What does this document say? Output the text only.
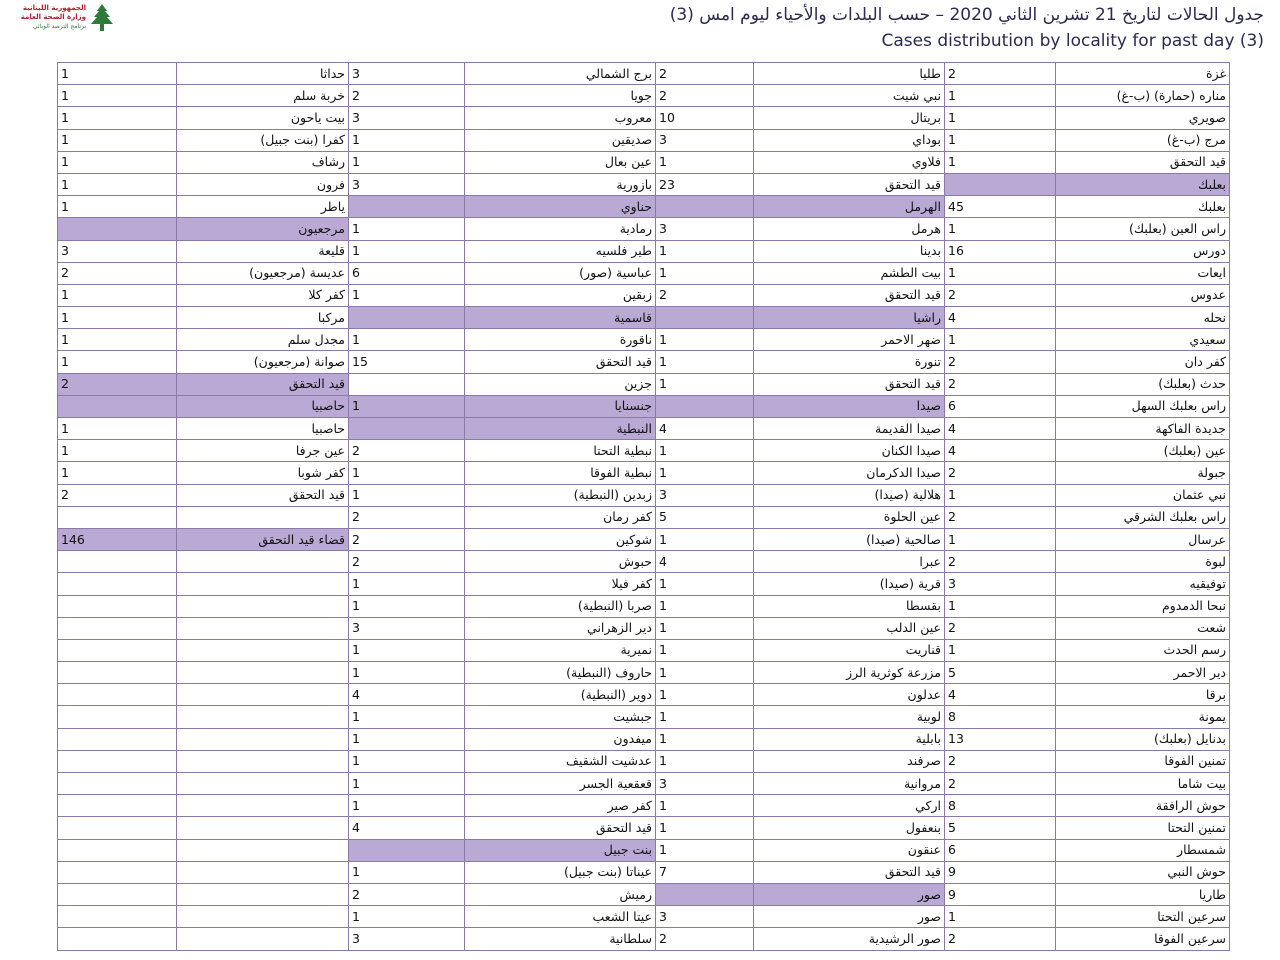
الجمهورية اللبنانية
وزارة الصحة العامة
برنامج الترصد الوبائي
جدول الحالات لتاريخ 21 تشرين الثاني 2020 – حسب البلدات والأحياء ليوم امس (3)
Cases distribution by locality for past day (3)
غزة	2	طليا	2	برج الشمالي	3	حداثا	1
مناره (حمارة) (ب-غ)	1	نبي شيت	2	جويا	2	خربة سلم	1
صويري	1	بريتال	10	معروب	3	بيت ياحون	1
مرج (ب-غ)	1	بوداي	3	صديقين	1	كفرا (بنت جبيل)	1
قيد التحقق	1	فلاوي	1	عين بعال	1	رشاف	1
بعلبك		قيد التحقق	23	بازورية	3	فرون	1
بعلبك	45	الهرمل		حناوي		ياطر	1
راس العين (بعلبك)	1	هرمل	3	رمادية	1	مرجعيون	
دورس	16	بدينا	1	طير فلسيه	1	قليعة	3
ايعات	1	بيت الطشم	1	عباسية (صور)	6	عديسة (مرجعيون)	2
عدوس	2	قيد التحقق	2	زبقين	1	كفر كلا	1
نحله	4	راشيا		قاسمية		مركبا	1
سعيدي	1	ضهر الاحمر	1	ناقورة	1	مجدل سلم	1
كفر دان	2	تنورة	1	قيد التحقق	15	صوانة (مرجعيون)	1
حدث (بعلبك)	2	قيد التحقق	1	جزين		قيد التحقق	2
راس بعلبك السهل	6	صيدا		جنسنايا	1	حاصبيا	
جديدة الفاكهة	4	صيدا القديمة	4	النبطية		حاصبيا	1
عين (بعلبك)	4	صيدا الكنان	1	نبطية التحتا	2	عين جرفا	1
جبولة	2	صيدا الدكرمان	1	نبطية الفوقا	1	كفر شوبا	1
نبي عثمان	1	هلالية (صيدا)	3	زبدين (النبطية)	1	قيد التحقق	2
راس بعلبك الشرقي	2	عين الحلوة	5	كفر رمان	2		
عرسال	1	صالحية (صيدا)	1	شوكين	2	قضاء قيد التحقق	146
لبوة	2	عبرا	4	حبوش	2		
توفيقيه	3	قرية (صيدا)	1	كفر فيلا	1		
نبحا الدمدوم	1	بقسطا	1	صربا (النبطية)	1		
شعت	2	عين الدلب	1	دير الزهراني	3		
رسم الحدث	1	قناريت	1	نميرية	1		
دير الاحمر	5	مزرعة كوثرية الرز	1	حاروف (النبطية)	1		
برقا	4	عدلون	1	دوير (النبطية)	4		
يمونة	8	لوبية	1	جبشيت	1		
بدنايل (بعلبك)	13	بابلية	1	ميفدون	1		
تمنين الفوقا	2	صرفند	1	عدشيت الشقيف	1		
بيت شاما	2	مروانية	3	قعقعية الجسر	1		
حوش الرافقة	8	اركي	1	كفر صير	1		
تمنين التحتا	5	بنعفول	1	قيد التحقق	4		
شمسطار	6	عنقون	1	بنت جبيل			
حوش النبي	9	قيد التحقق	7	عيناتا (بنت جبيل)	1		
طاريا	9	صور		رميش	2		
سرعين التحتا	1	صور	3	عيتا الشعب	1		
سرعين الفوقا	2	صور الرشيدية	2	سلطانية	3		
